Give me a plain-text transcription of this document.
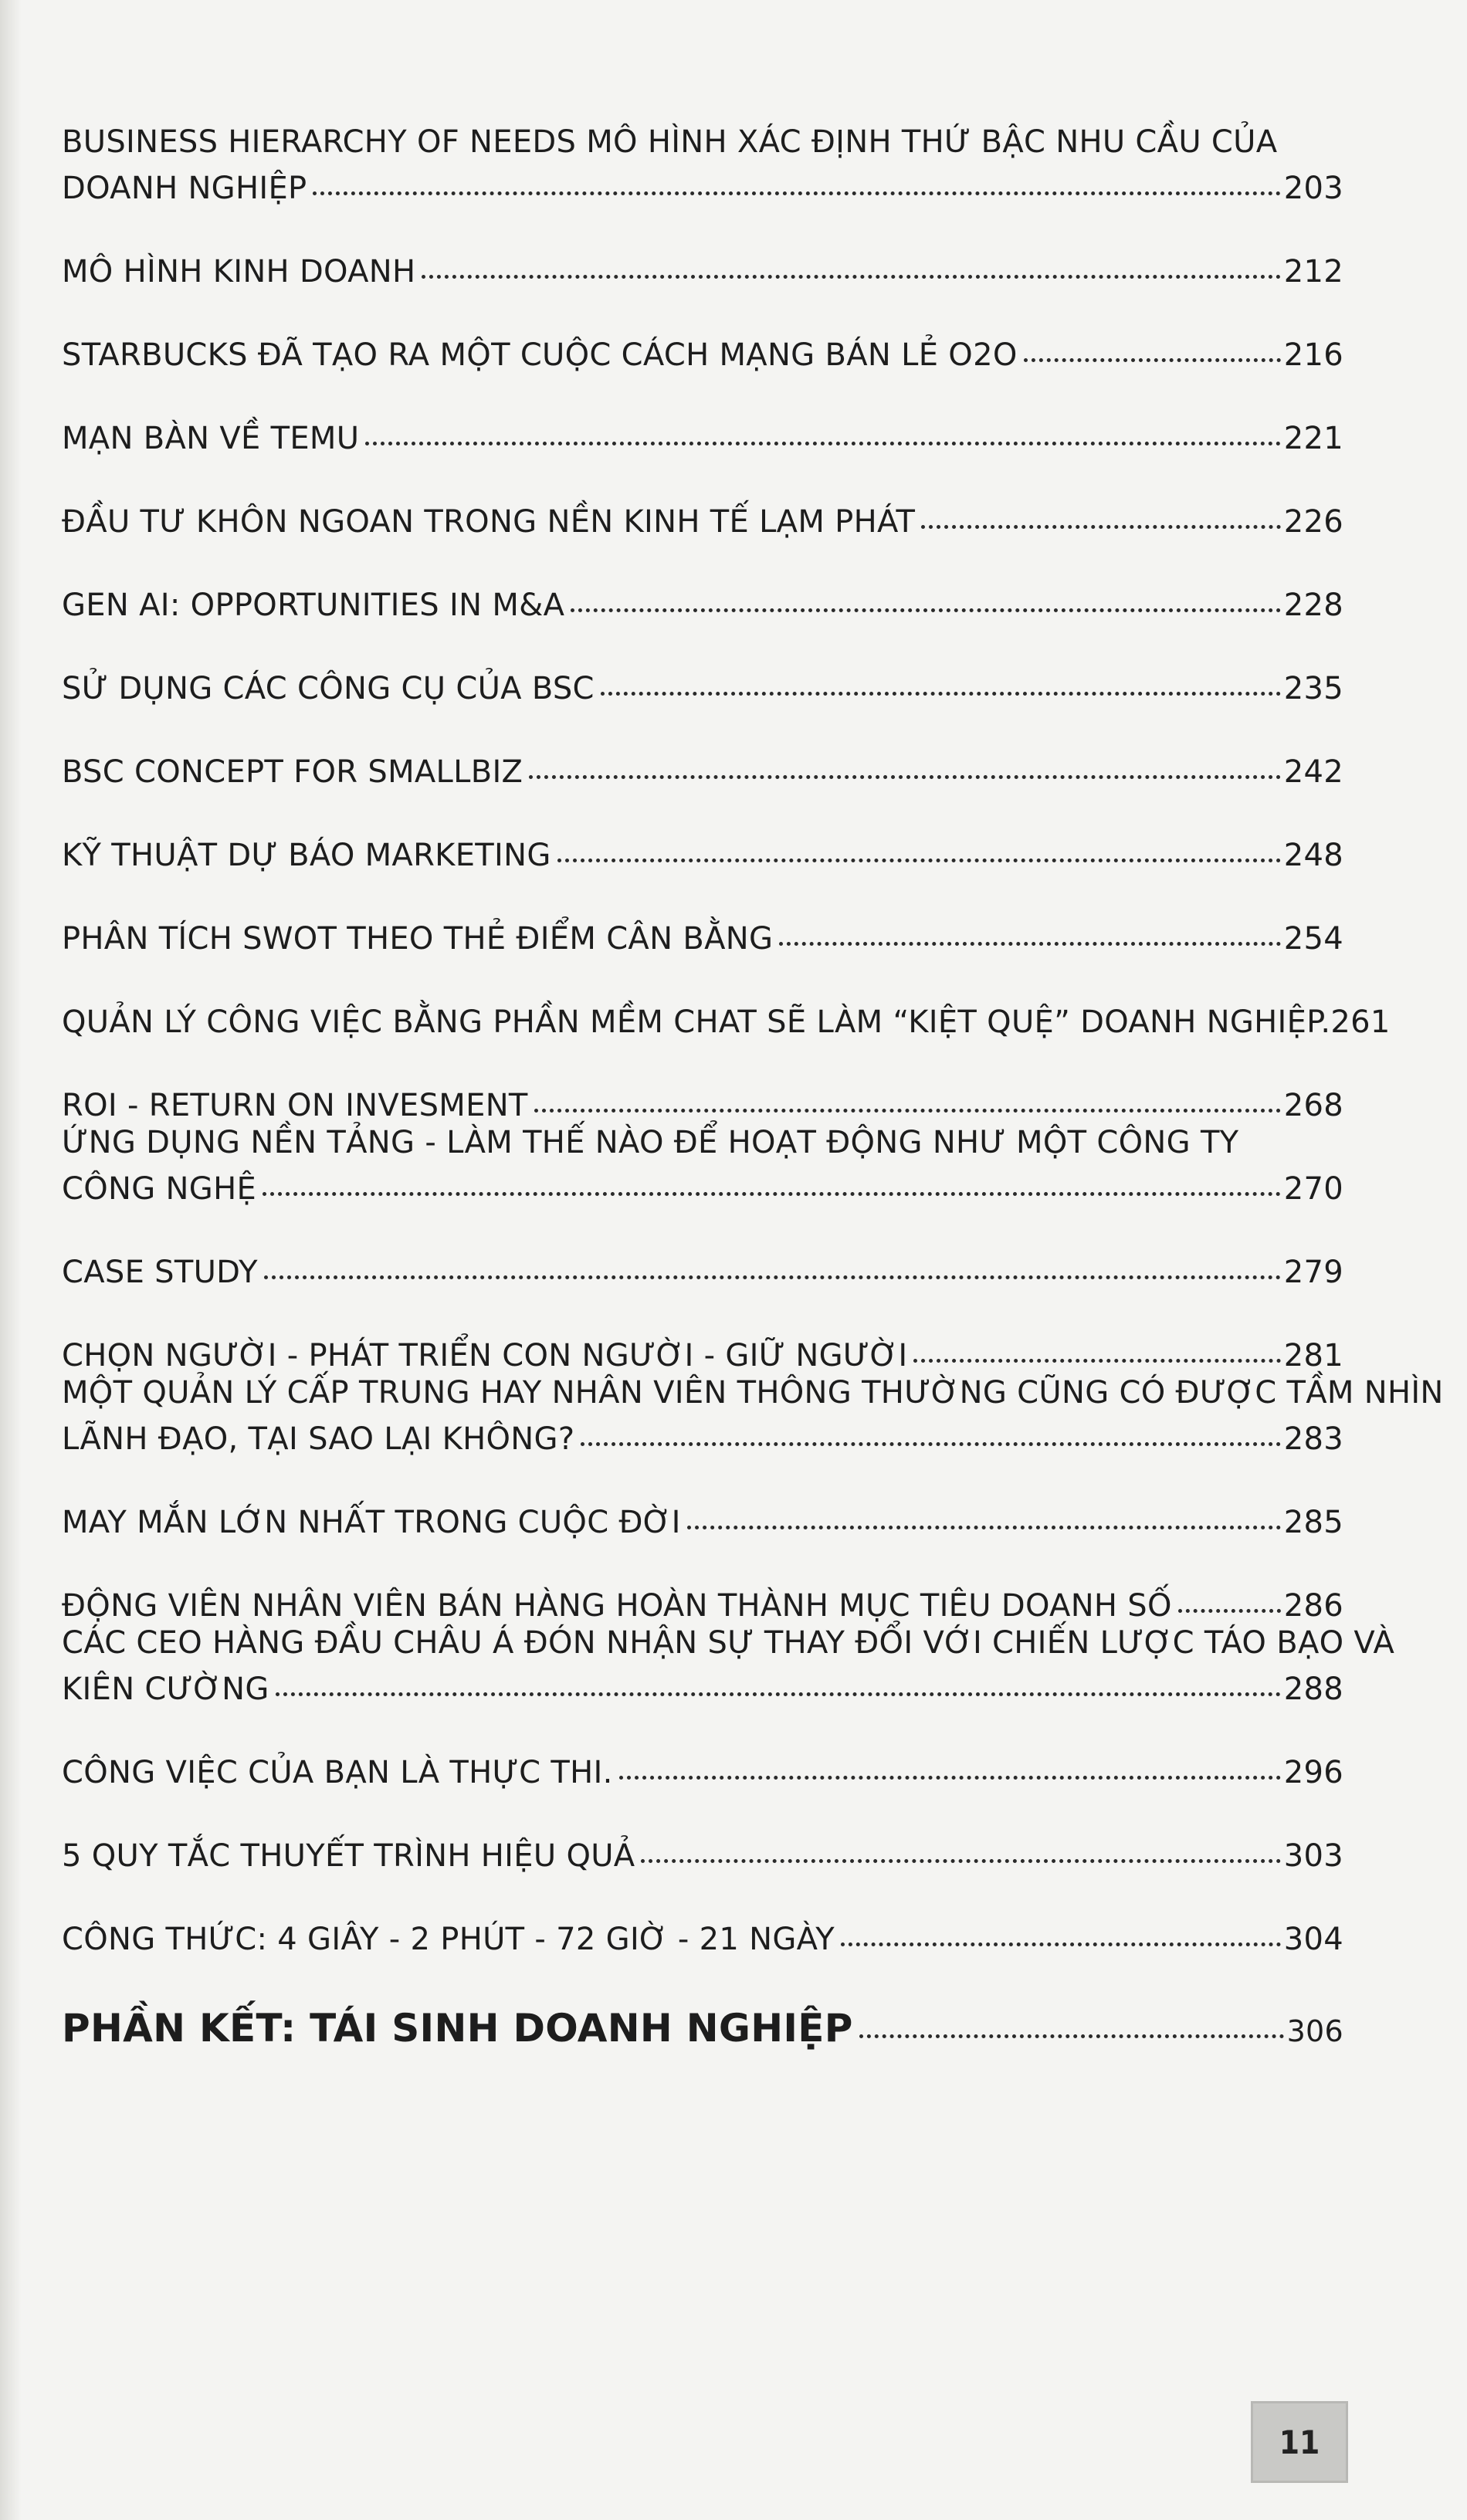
BUSINESS HIERARCHY OF NEEDS MÔ HÌNH XÁC ĐỊNH THỨ BẬC NHU CẦU CỦA
DOANH NGHIỆP	203
MÔ HÌNH KINH DOANH	212
STARBUCKS ĐÃ TẠO RA MỘT CUỘC CÁCH MẠNG BÁN LẺ O2O	216
MẠN BÀN VỀ TEMU	221
ĐẦU TƯ KHÔN NGOAN TRONG NỀN KINH TẾ LẠM PHÁT	226
GEN AI: OPPORTUNITIES IN M&A	228
SỬ DỤNG CÁC CÔNG CỤ CỦA BSC	235
BSC CONCEPT FOR SMALLBIZ	242
KỸ THUẬT DỰ BÁO MARKETING	248
PHÂN TÍCH SWOT THEO THẺ ĐIỂM CÂN BẰNG	254
QUẢN LÝ CÔNG VIỆC BẰNG PHẦN MỀM CHAT SẼ LÀM “KIỆT QUỆ” DOANH NGHIỆP. 261
ROI - RETURN ON INVESMENT	268
ỨNG DỤNG NỀN TẢNG - LÀM THẾ NÀO ĐỂ HOẠT ĐỘNG NHƯ MỘT CÔNG TY
CÔNG NGHỆ	270
CASE STUDY	279
CHỌN NGƯỜI - PHÁT TRIỂN CON NGƯỜI - GIỮ NGƯỜI	281
MỘT QUẢN LÝ CẤP TRUNG HAY NHÂN VIÊN THÔNG THƯỜNG CŨNG CÓ ĐƯỢC TẦM NHÌN
LÃNH ĐẠO, TẠI SAO LẠI KHÔNG?	283
MAY MẮN LỚN NHẤT TRONG CUỘC ĐỜI	285
ĐỘNG VIÊN NHÂN VIÊN BÁN HÀNG HOÀN THÀNH MỤC TIÊU DOANH SỐ	286
CÁC CEO HÀNG ĐẦU CHÂU Á ĐÓN NHẬN SỰ THAY ĐỔI VỚI CHIẾN LƯỢC TÁO BẠO VÀ
KIÊN CƯỜNG	288
CÔNG VIỆC CỦA BẠN LÀ THỰC THI.	296
5 QUY TẮC THUYẾT TRÌNH HIỆU QUẢ	303
CÔNG THỨC: 4 GIÂY - 2 PHÚT - 72 GIỜ - 21 NGÀY	304
PHẦN KẾT: TÁI SINH DOANH NGHIỆP	306
11
